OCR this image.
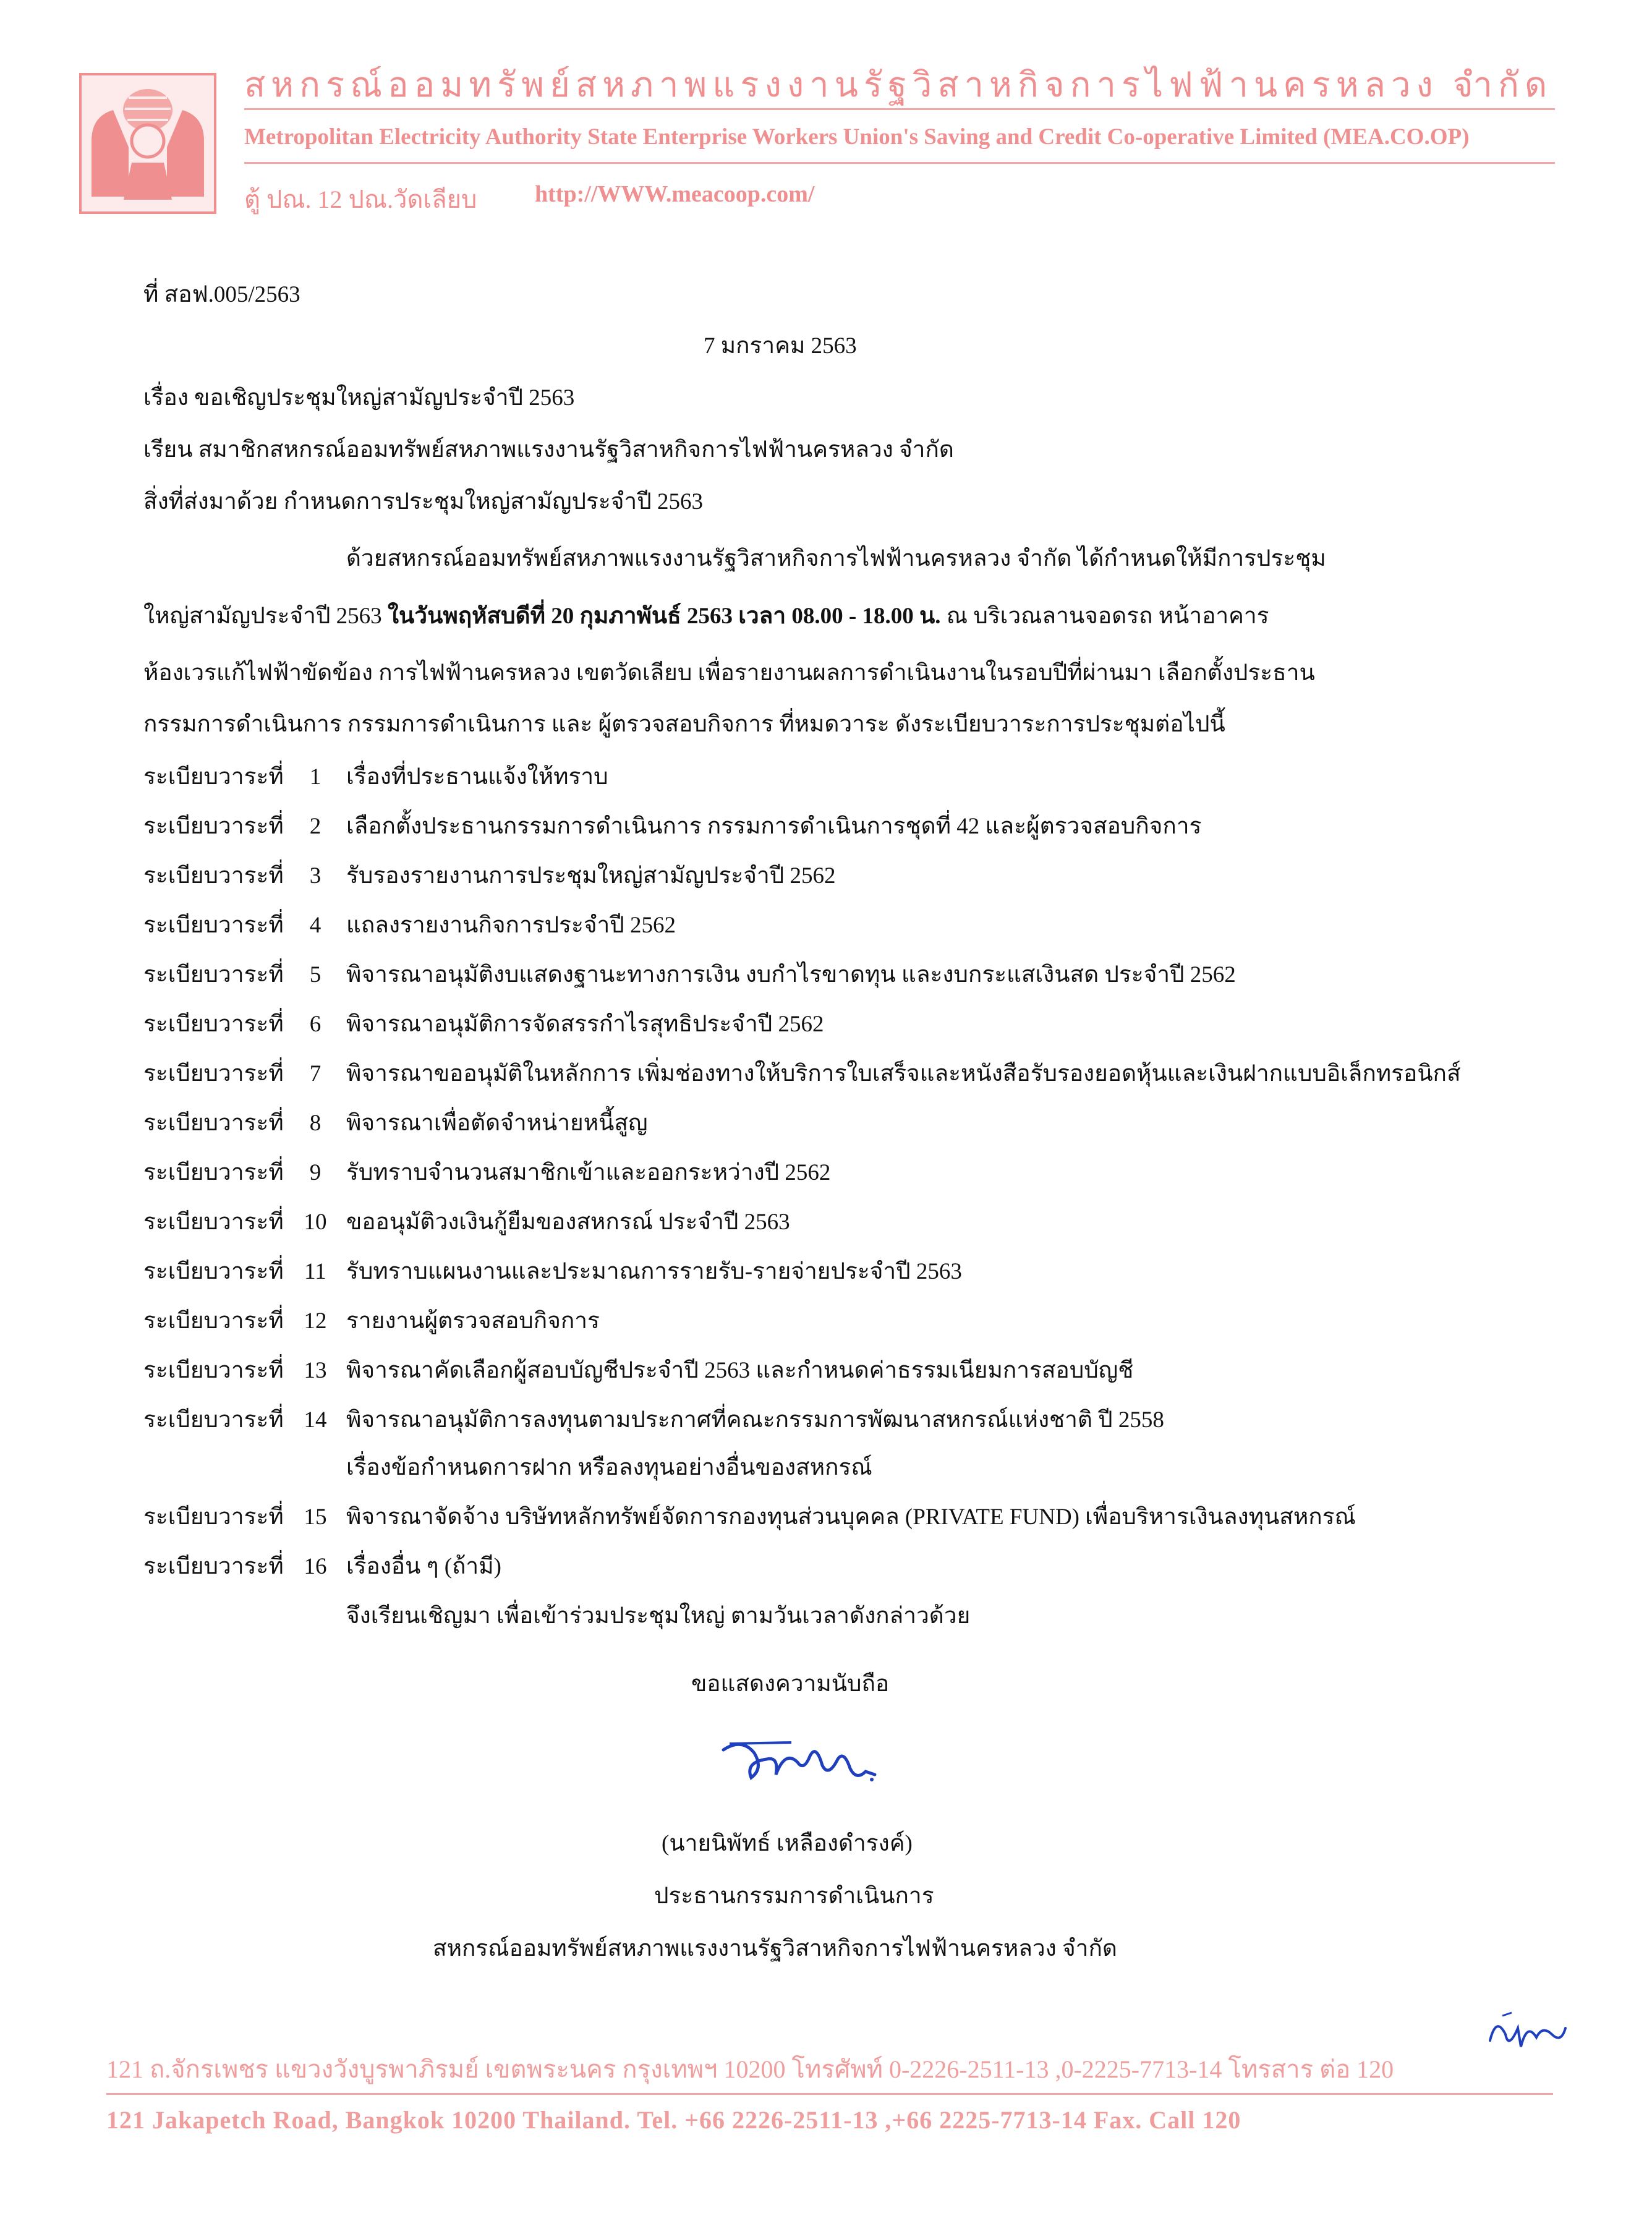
สหกรณ์ออมทรัพย์สหภาพแรงงานรัฐวิสาหกิจการไฟฟ้านครหลวง จำกัด
Metropolitan Electricity Authority State Enterprise Workers Union's Saving and Credit Co-operative Limited (MEA.CO.OP)
ตู้ ปณ. 12 ปณ.วัดเลียบ http://WWW.meacoop.com/
ที่ สอฟ.005/2563
7 มกราคม 2563
เรื่อง ขอเชิญประชุมใหญ่สามัญประจำปี 2563
เรียน สมาชิกสหกรณ์ออมทรัพย์สหภาพแรงงานรัฐวิสาหกิจการไฟฟ้านครหลวง จำกัด
สิ่งที่ส่งมาด้วย กำหนดการประชุมใหญ่สามัญประจำปี 2563
ด้วยสหกรณ์ออมทรัพย์สหภาพแรงงานรัฐวิสาหกิจการไฟฟ้านครหลวง จำกัด ได้กำหนดให้มีการประชุม
ใหญ่สามัญประจำปี 2563 ในวันพฤหัสบดีที่ 20 กุมภาพันธ์ 2563 เวลา 08.00 - 18.00 น. ณ บริเวณลานจอดรถ หน้าอาคาร
ห้องเวรแก้ไฟฟ้าขัดข้อง การไฟฟ้านครหลวง เขตวัดเลียบ เพื่อรายงานผลการดำเนินงานในรอบปีที่ผ่านมา เลือกตั้งประธาน
กรรมการดำเนินการ กรรมการดำเนินการ และ ผู้ตรวจสอบกิจการ ที่หมดวาระ ดังระเบียบวาระการประชุมต่อไปนี้
ระเบียบวาระที่ 1 เรื่องที่ประธานแจ้งให้ทราบ
ระเบียบวาระที่ 2 เลือกตั้งประธานกรรมการดำเนินการ กรรมการดำเนินการชุดที่ 42 และผู้ตรวจสอบกิจการ
ระเบียบวาระที่ 3 รับรองรายงานการประชุมใหญ่สามัญประจำปี 2562
ระเบียบวาระที่ 4 แถลงรายงานกิจการประจำปี 2562
ระเบียบวาระที่ 5 พิจารณาอนุมัติงบแสดงฐานะทางการเงิน งบกำไรขาดทุน และงบกระแสเงินสด ประจำปี 2562
ระเบียบวาระที่ 6 พิจารณาอนุมัติการจัดสรรกำไรสุทธิประจำปี 2562
ระเบียบวาระที่ 7 พิจารณาขออนุมัติในหลักการ เพิ่มช่องทางให้บริการใบเสร็จและหนังสือรับรองยอดหุ้นและเงินฝากแบบอิเล็กทรอนิกส์
ระเบียบวาระที่ 8 พิจารณาเพื่อตัดจำหน่ายหนี้สูญ
ระเบียบวาระที่ 9 รับทราบจำนวนสมาชิกเข้าและออกระหว่างปี 2562
ระเบียบวาระที่ 10 ขออนุมัติวงเงินกู้ยืมของสหกรณ์ ประจำปี 2563
ระเบียบวาระที่ 11 รับทราบแผนงานและประมาณการรายรับ-รายจ่ายประจำปี 2563
ระเบียบวาระที่ 12 รายงานผู้ตรวจสอบกิจการ
ระเบียบวาระที่ 13 พิจารณาคัดเลือกผู้สอบบัญชีประจำปี 2563 และกำหนดค่าธรรมเนียมการสอบบัญชี
ระเบียบวาระที่ 14 พิจารณาอนุมัติการลงทุนตามประกาศที่คณะกรรมการพัฒนาสหกรณ์แห่งชาติ ปี 2558
เรื่องข้อกำหนดการฝาก หรือลงทุนอย่างอื่นของสหกรณ์
ระเบียบวาระที่ 15 พิจารณาจัดจ้าง บริษัทหลักทรัพย์จัดการกองทุนส่วนบุคคล (PRIVATE FUND) เพื่อบริหารเงินลงทุนสหกรณ์
ระเบียบวาระที่ 16 เรื่องอื่น ๆ (ถ้ามี)
จึงเรียนเชิญมา เพื่อเข้าร่วมประชุมใหญ่ ตามวันเวลาดังกล่าวด้วย
ขอแสดงความนับถือ
(นายนิพัทธ์ เหลืองดำรงค์)
ประธานกรรมการดำเนินการ
สหกรณ์ออมทรัพย์สหภาพแรงงานรัฐวิสาหกิจการไฟฟ้านครหลวง จำกัด
121 ถ.จักรเพชร แขวงวังบูรพาภิรมย์ เขตพระนคร กรุงเทพฯ 10200 โทรศัพท์ 0-2226-2511-13 ,0-2225-7713-14 โทรสาร ต่อ 120
121 Jakapetch Road, Bangkok 10200 Thailand. Tel. +66 2226-2511-13 ,+66 2225-7713-14 Fax. Call 120
